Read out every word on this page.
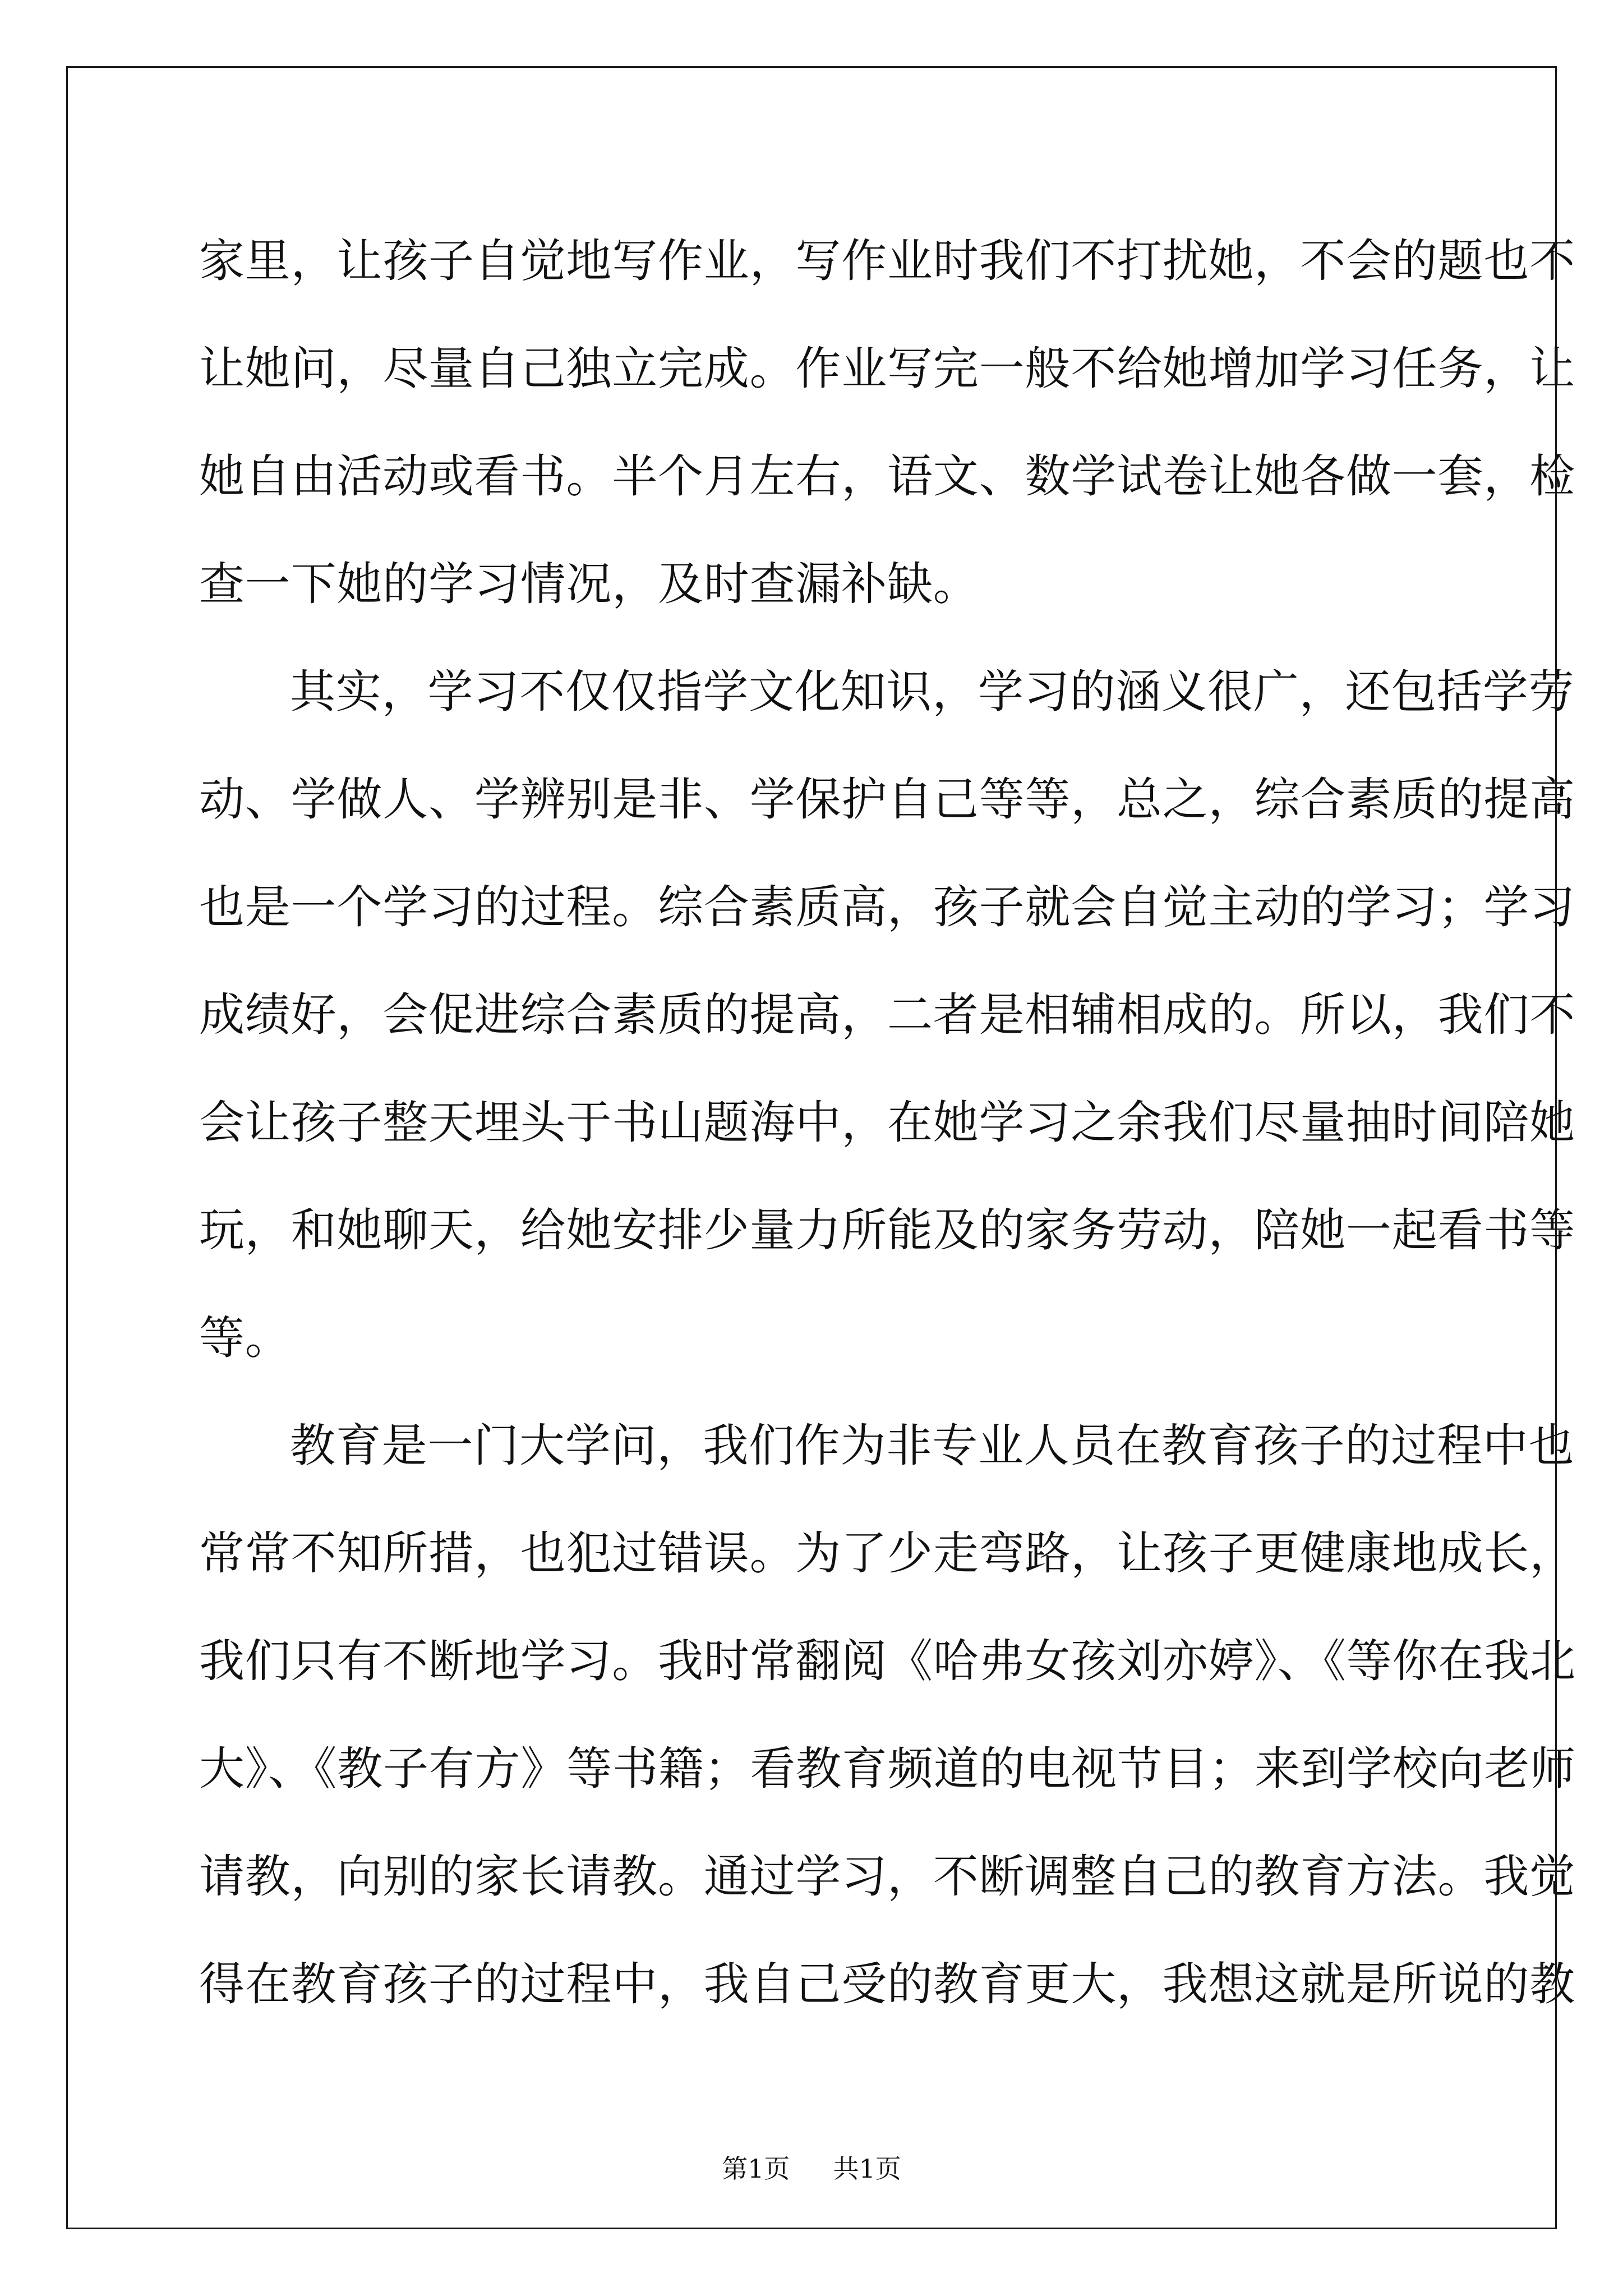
家里，让孩子自觉地写作业，写作业时我们不打扰她，不会的题也不
让她问，尽量自己独立完成。作业写完一般不给她增加学习任务，让
她自由活动或看书。半个月左右，语文、数学试卷让她各做一套，检
查一下她的学习情况，及时查漏补缺。
其实，学习不仅仅指学文化知识，学习的涵义很广，还包括学劳
动、学做人、学辨别是非、学保护自己等等，总之，综合素质的提高
也是一个学习的过程。综合素质高，孩子就会自觉主动的学习；学习
成绩好，会促进综合素质的提高，二者是相辅相成的。所以，我们不
会让孩子整天埋头于书山题海中，在她学习之余我们尽量抽时间陪她
玩，和她聊天，给她安排少量力所能及的家务劳动，陪她一起看书等
等。
教育是一门大学问，我们作为非专业人员在教育孩子的过程中也
常常不知所措，也犯过错误。为了少走弯路，让孩子更健康地成长，
我们只有不断地学习。我时常翻阅《哈弗女孩刘亦婷》、《等你在我北
大》、《教子有方》等书籍；看教育频道的电视节目；来到学校向老师
请教，向别的家长请教。通过学习，不断调整自己的教育方法。我觉
得在教育孩子的过程中，我自己受的教育更大，我想这就是所说的教
第1页 共1页
